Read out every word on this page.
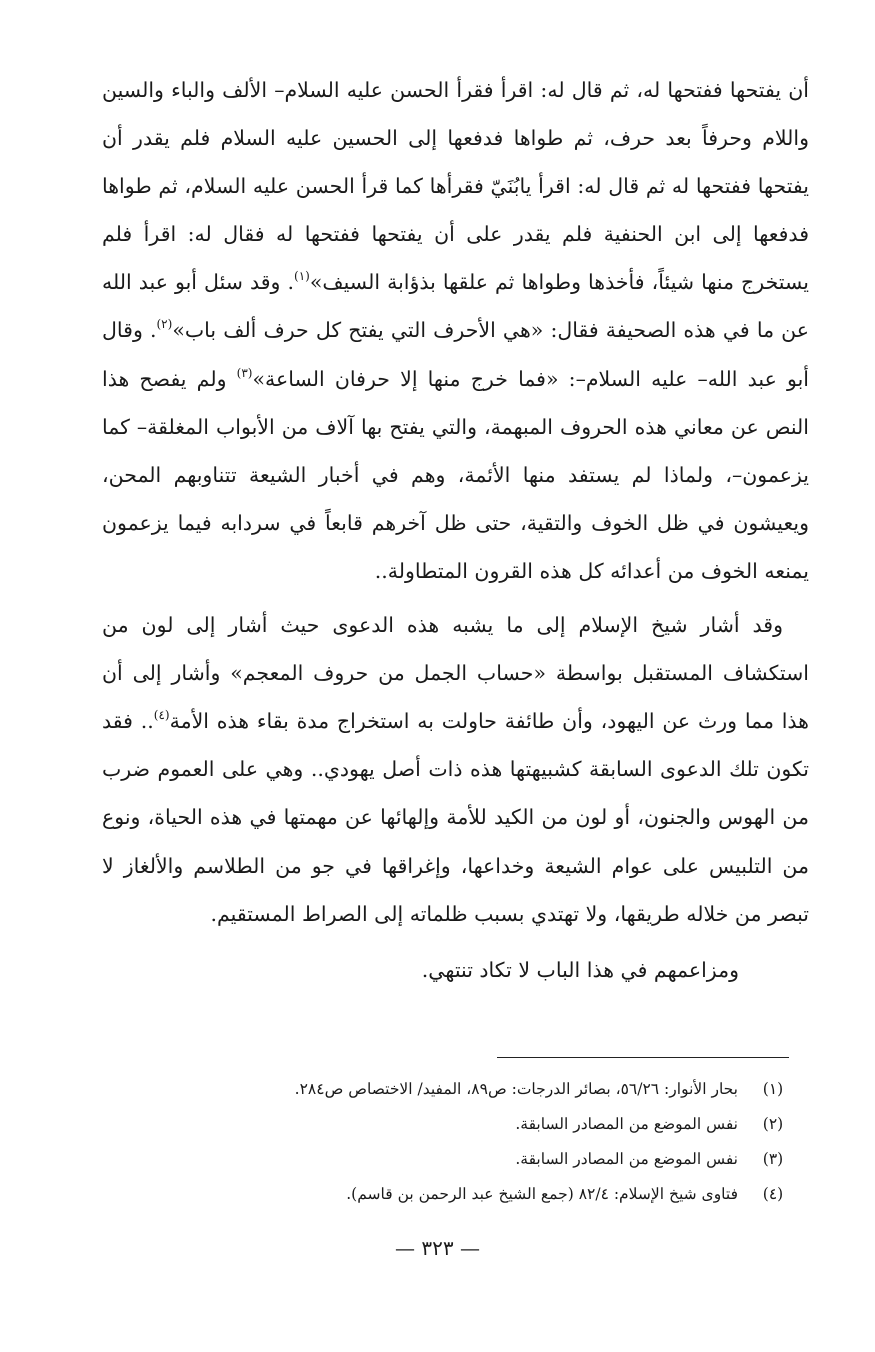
أن يفتحها ففتحها له، ثم قال له: اقرأ فقرأ الحسن عليه السلام– الألف والباء والسين واللام وحرفاً بعد حرف، ثم طواها فدفعها إلى الحسين عليه السلام فلم يقدر أن يفتحها ففتحها له ثم قال له: اقرأ يابُنَيّ فقرأها كما قرأ الحسن عليه السلام، ثم طواها فدفعها إلى ابن الحنفية فلم يقدر على أن يفتحها ففتحها له فقال له: اقرأ فلم يستخرج منها شيئاً، فأخذها وطواها ثم علقها بذؤابة السيف»$^{(١)}$. وقد سئل أبو عبد الله عن ما في هذه الصحيفة فقال: «هي الأحرف التي يفتح كل حرف ألف باب»$^{(٢)}$. وقال أبو عبد الله– عليه السلام–: «فما خرج منها إلا حرفان الساعة»$^{(٣)}$ ولم يفصح هذا النص عن معاني هذه الحروف المبهمة، والتي يفتح بها آلاف من الأبواب المغلقة– كما يزعمون–، ولماذا لم يستفد منها الأئمة، وهم في أخبار الشيعة تتناوبهم المحن، ويعيشون في ظل الخوف والتقية، حتى ظل آخرهم قابعاً في سردابه فيما يزعمون يمنعه الخوف من أعدائه كل هذه القرون المتطاولة..

وقد أشار شيخ الإسلام إلى ما يشبه هذه الدعوى حيث أشار إلى لون من استكشاف المستقبل بواسطة «حساب الجمل من حروف المعجم» وأشار إلى أن هذا مما ورث عن اليهود، وأن طائفة حاولت به استخراج مدة بقاء هذه الأمة$^{(٤)}$.. فقد تكون تلك الدعوى السابقة كشبيهتها هذه ذات أصل يهودي.. وهي على العموم ضرب من الهوس والجنون، أو لون من الكيد للأمة وإلهائها عن مهمتها في هذه الحياة، ونوع من التلبيس على عوام الشيعة وخداعها، وإغراقها في جو من الطلاسم والألغاز لا تبصر من خلاله طريقها، ولا تهتدي بسبب ظلماته إلى الصراط المستقيم.

ومزاعمهم في هذا الباب لا تكاد تنتهي.

(١)
بحار الأنوار: ٥٦/٢٦، بصائر الدرجات: ص٨٩، المفيد/ الاختصاص ص٢٨٤.
(٢)
نفس الموضع من المصادر السابقة.
(٣)
نفس الموضع من المصادر السابقة.
(٤)
فتاوى شيخ الإسلام: ٨٢/٤ (جمع الشيخ عبد الرحمن بن قاسم).
— ٣٢٣ —
